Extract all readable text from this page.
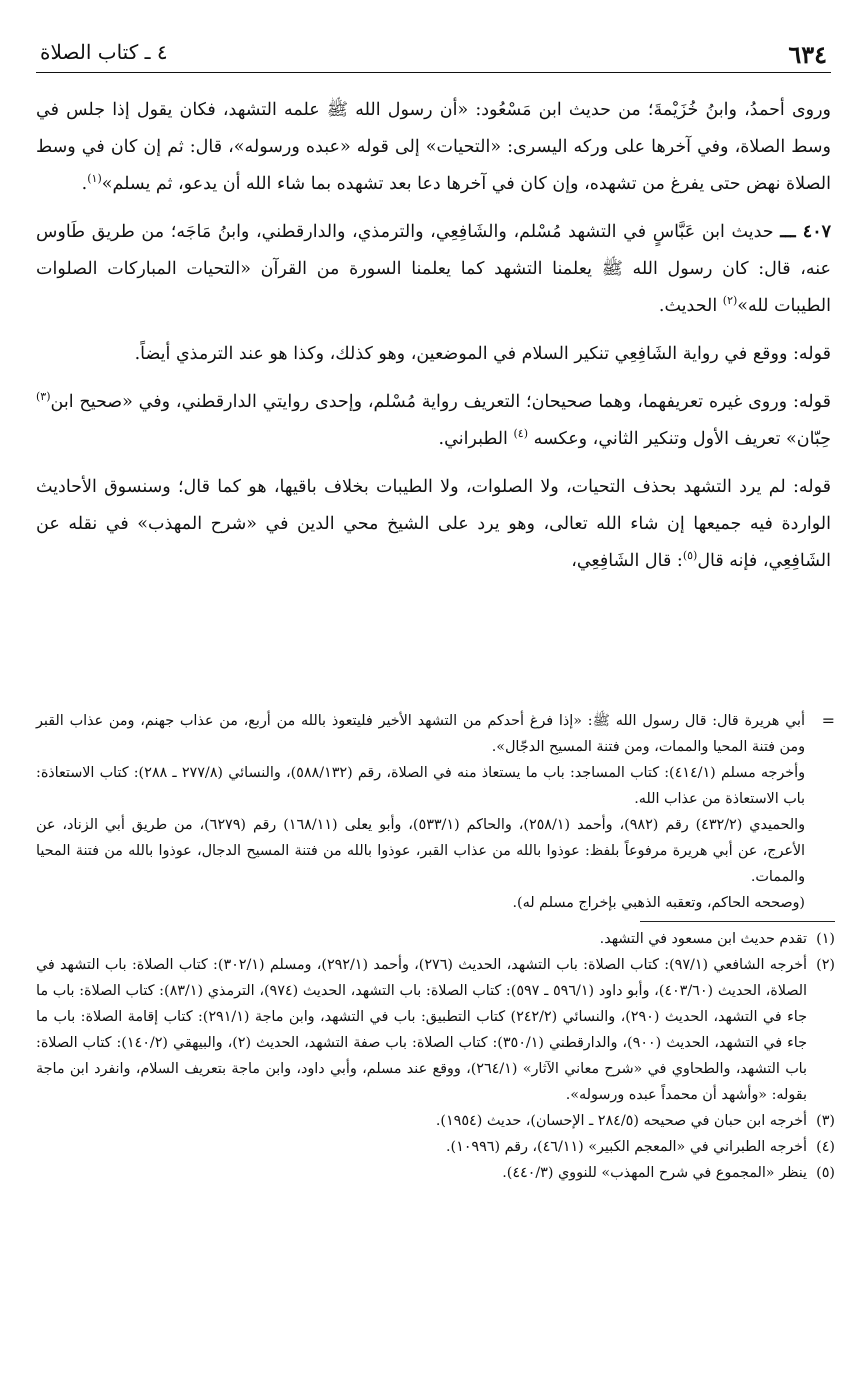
٦٣٤
٤ ـ كتاب الصلاة

وروى أحمدُ، وابنُ خُزَيْمةَ؛ من حديث ابن مَسْعُود: «أن رسول الله ﷺ علمه التشهد، فكان يقول إذا جلس في وسط الصلاة، وفي آخرها على وركه اليسرى: «التحيات» إلى قوله «عبده ورسوله»، قال: ثم إن كان في وسط الصلاة نهض حتى يفرغ من تشهده، وإن كان في آخرها دعا بعد تشهده بما شاء الله أن يدعو، ثم يسلم»$^{(١)}$.

٤٠٧ ـــ حديث ابن عَبَّاسٍ في التشهد مُسْلم، والشَافِعِي، والترمذي، والدارقطني، وابنُ مَاجَه؛ من طريق طَاوس عنه، قال: كان رسول الله ﷺ يعلمنا التشهد كما يعلمنا السورة من القرآن «التحيات المباركات الصلوات الطيبات لله»$^{(٢)}$ الحديث.

قوله: ووقع في رواية الشَافِعِي تنكير السلام في الموضعين، وهو كذلك، وكذا هو عند الترمذي أيضاً.

قوله: وروى غيره تعريفهما، وهما صحيحان؛ التعريف رواية مُسْلم، وإحدى روايتي الدارقطني، وفي «صحيح ابن$^{(٣)}$ حِبّان» تعريف الأول وتنكير الثاني، وعكسه $^{(٤)}$ الطبراني.

قوله: لم يرد التشهد بحذف التحيات، ولا الصلوات، ولا الطيبات بخلاف باقيها، هو كما قال؛ وسنسوق الأحاديث الواردة فيه جميعها إن شاء الله تعالى، وهو يرد على الشيخ محي الدين في «شرح المهذب» في نقله عن الشَافِعِي، فإنه قال$^{(٥)}$: قال الشَافِعِي،

=

أبي هريرة قال: قال رسول الله ﷺ: «إذا فرغ أحدكم من التشهد الأخير فليتعوذ بالله من أربع، من عذاب جهنم، ومن عذاب القبر ومن فتنة المحيا والممات، ومن فتنة المسيح الدجّال».

وأخرجه مسلم (٤١٤/١): كتاب المساجد: باب ما يستعاذ منه في الصلاة، رقم (٥٨٨/١٣٢)، والنسائي (٢٧٧/٨ ـ ٢٨٨): كتاب الاستعاذة: باب الاستعاذة من عذاب الله.

والحميدي (٤٣٢/٢) رقم (٩٨٢)، وأحمد (٢٥٨/١)، والحاكم (٥٣٣/١)، وأبو يعلى (١٦٨/١١) رقم (٦٢٧٩)، من طريق أبي الزناد، عن الأعرج، عن أبي هريرة مرفوعاً بلفظ: عوذوا بالله من عذاب القبر، عوذوا بالله من فتنة المسيح الدجال، عوذوا بالله من فتنة المحيا والممات.

(وصححه الحاكم، وتعقبه الذهبي بإخراج مسلم له).

(١)
تقدم حديث ابن مسعود في التشهد.
(٢)
أخرجه الشافعي (٩٧/١): كتاب الصلاة: باب التشهد، الحديث (٢٧٦)، وأحمد (٢٩٢/١)، ومسلم (٣٠٢/١): كتاب الصلاة: باب التشهد في الصلاة، الحديث (٤٠٣/٦٠)، وأبو داود (٥٩٦/١ ـ ٥٩٧): كتاب الصلاة: باب التشهد، الحديث (٩٧٤)، الترمذي (٨٣/١): كتاب الصلاة: باب ما جاء في التشهد، الحديث (٢٩٠)، والنسائي (٢٤٢/٢) كتاب التطبيق: باب في التشهد، وابن ماجة (٢٩١/١): كتاب إقامة الصلاة: باب ما جاء في التشهد، الحديث (٩٠٠)، والدارقطني (٣٥٠/١): كتاب الصلاة: باب صفة التشهد، الحديث (٢)، والبيهقي (١٤٠/٢): كتاب الصلاة: باب التشهد، والطحاوي في «شرح معاني الآثار» (٢٦٤/١)، ووقع عند مسلم، وأبي داود، وابن ماجة بتعريف السلام، وانفرد ابن ماجة بقوله: «وأشهد أن محمداً عبده ورسوله».
(٣)
أخرجه ابن حبان في صحيحه (٢٨٤/٥ ـ الإحسان)، حديث (١٩٥٤).
(٤)
أخرجه الطبراني في «المعجم الكبير» (٤٦/١١)، رقم (١٠٩٩٦).
(٥)
ينظر «المجموع في شرح المهذب» للنووي (٤٤٠/٣).
